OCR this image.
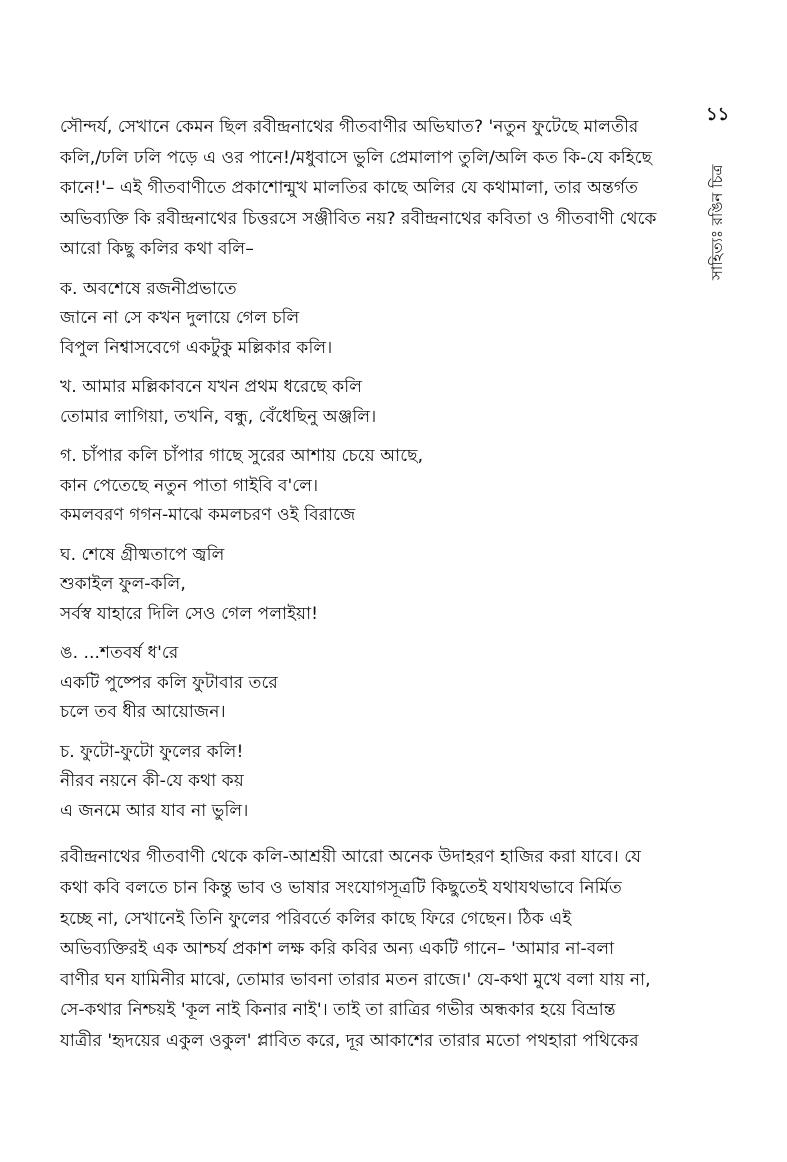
১১
সাহিত্যঃ রঙিন চিত্র

সৌন্দর্য, সেখানে কেমন ছিল রবীন্দ্রনাথের গীতবাণীর অভিঘাত? 'নতুন ফুটেছে মালতীর
কলি,/ঢলি ঢলি পড়ে এ ওর পানে!/মধুবাসে ভুলি প্রেমালাপ তুলি/অলি কত কি-যে কহিছে
কানে!'– এই গীতবাণীতে প্রকাশোন্মুখ মালতির কাছে অলির যে কথামালা, তার অন্তর্গত
অভিব্যক্তি কি রবীন্দ্রনাথের চিত্তরসে সঞ্জীবিত নয়? রবীন্দ্রনাথের কবিতা ও গীতবাণী থেকে
আরো কিছু কলির কথা বলি–

ক. অবশেষে রজনীপ্রভাতে
জানে না সে কখন দুলায়ে গেল চলি
বিপুল নিশ্বাসবেগে একটুকু মল্লিকার কলি।
খ. আমার মল্লিকাবনে যখন প্রথম ধরেছে কলি
তোমার লাগিয়া, তখনি, বন্ধু, বেঁধেছিনু অঞ্জলি।
গ. চাঁপার কলি চাঁপার গাছে সুরের আশায় চেয়ে আছে,
কান পেতেছে নতুন পাতা গাইবি ব'লে।
কমলবরণ গগন-মাঝে কমলচরণ ওই বিরাজে
ঘ. শেষে গ্রীষ্মতাপে জ্বলি
শুকাইল ফুল-কলি,
সর্বস্ব যাহারে দিলি সেও গেল পলাইয়া!
ঙ. ...শতবর্ষ ধ'রে
একটি পুষ্পের কলি ফুটাবার তরে
চলে তব ধীর আয়োজন।
চ. ফুটো-ফুটো ফুলের কলি!
নীরব নয়নে কী-যে কথা কয়
এ জনমে আর যাব না ভুলি।

রবীন্দ্রনাথের গীতবাণী থেকে কলি-আশ্রয়ী আরো অনেক উদাহরণ হাজির করা যাবে। যে
কথা কবি বলতে চান কিন্তু ভাব ও ভাষার সংযোগসূত্রটি কিছুতেই যথাযথভাবে নির্মিত
হচ্ছে না, সেখানেই তিনি ফুলের পরিবর্তে কলির কাছে ফিরে গেছেন। ঠিক এই
অভিব্যক্তিরই এক আশ্চর্য প্রকাশ লক্ষ করি কবির অন্য একটি গানে– 'আমার না-বলা
বাণীর ঘন যামিনীর মাঝে, তোমার ভাবনা তারার মতন রাজে।' যে-কথা মুখে বলা যায় না,
সে-কথার নিশ্চয়ই 'কূল নাই কিনার নাই'। তাই তা রাত্রির গভীর অন্ধকার হয়ে বিভ্রান্ত
যাত্রীর 'হৃদয়ের একুল ওকুল' প্লাবিত করে, দূর আকাশের তারার মতো পথহারা পথিকের
